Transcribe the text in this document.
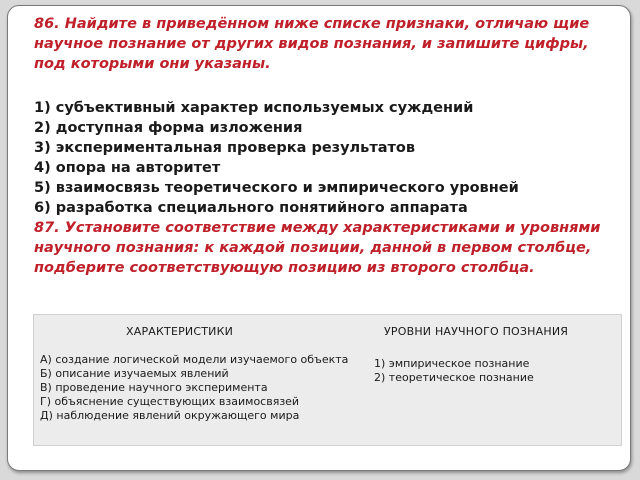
86. Найдите в приведённом ниже списке признаки, отличаю щие научное познание от других видов познания, и запишите цифры, под которыми они указаны.
1) субъективный характер используемых суждений
2) доступная форма изложения
3) экспериментальная проверка результатов
4) опора на авторитет
5) взаимосвязь теоретического и эмпирического уровней
6) разработка специального понятийного аппарата
87. Установите соответствие между характеристиками и уровнями научного познания: к каждой позиции, данной в первом столбце, подберите соответствующую позицию из второго столбца.
ХАРАКТЕРИСТИКИ	УРОВНИ НАУЧНОГО ПОЗНАНИЯ
А) создание логической модели изучаемого объекта
Б) описание изучаемых явлений
В) проведение научного эксперимента
Г) объяснение существующих взаимосвязей
Д) наблюдение явлений окружающего мира
1) эмпирическое познание
2) теоретическое познание
